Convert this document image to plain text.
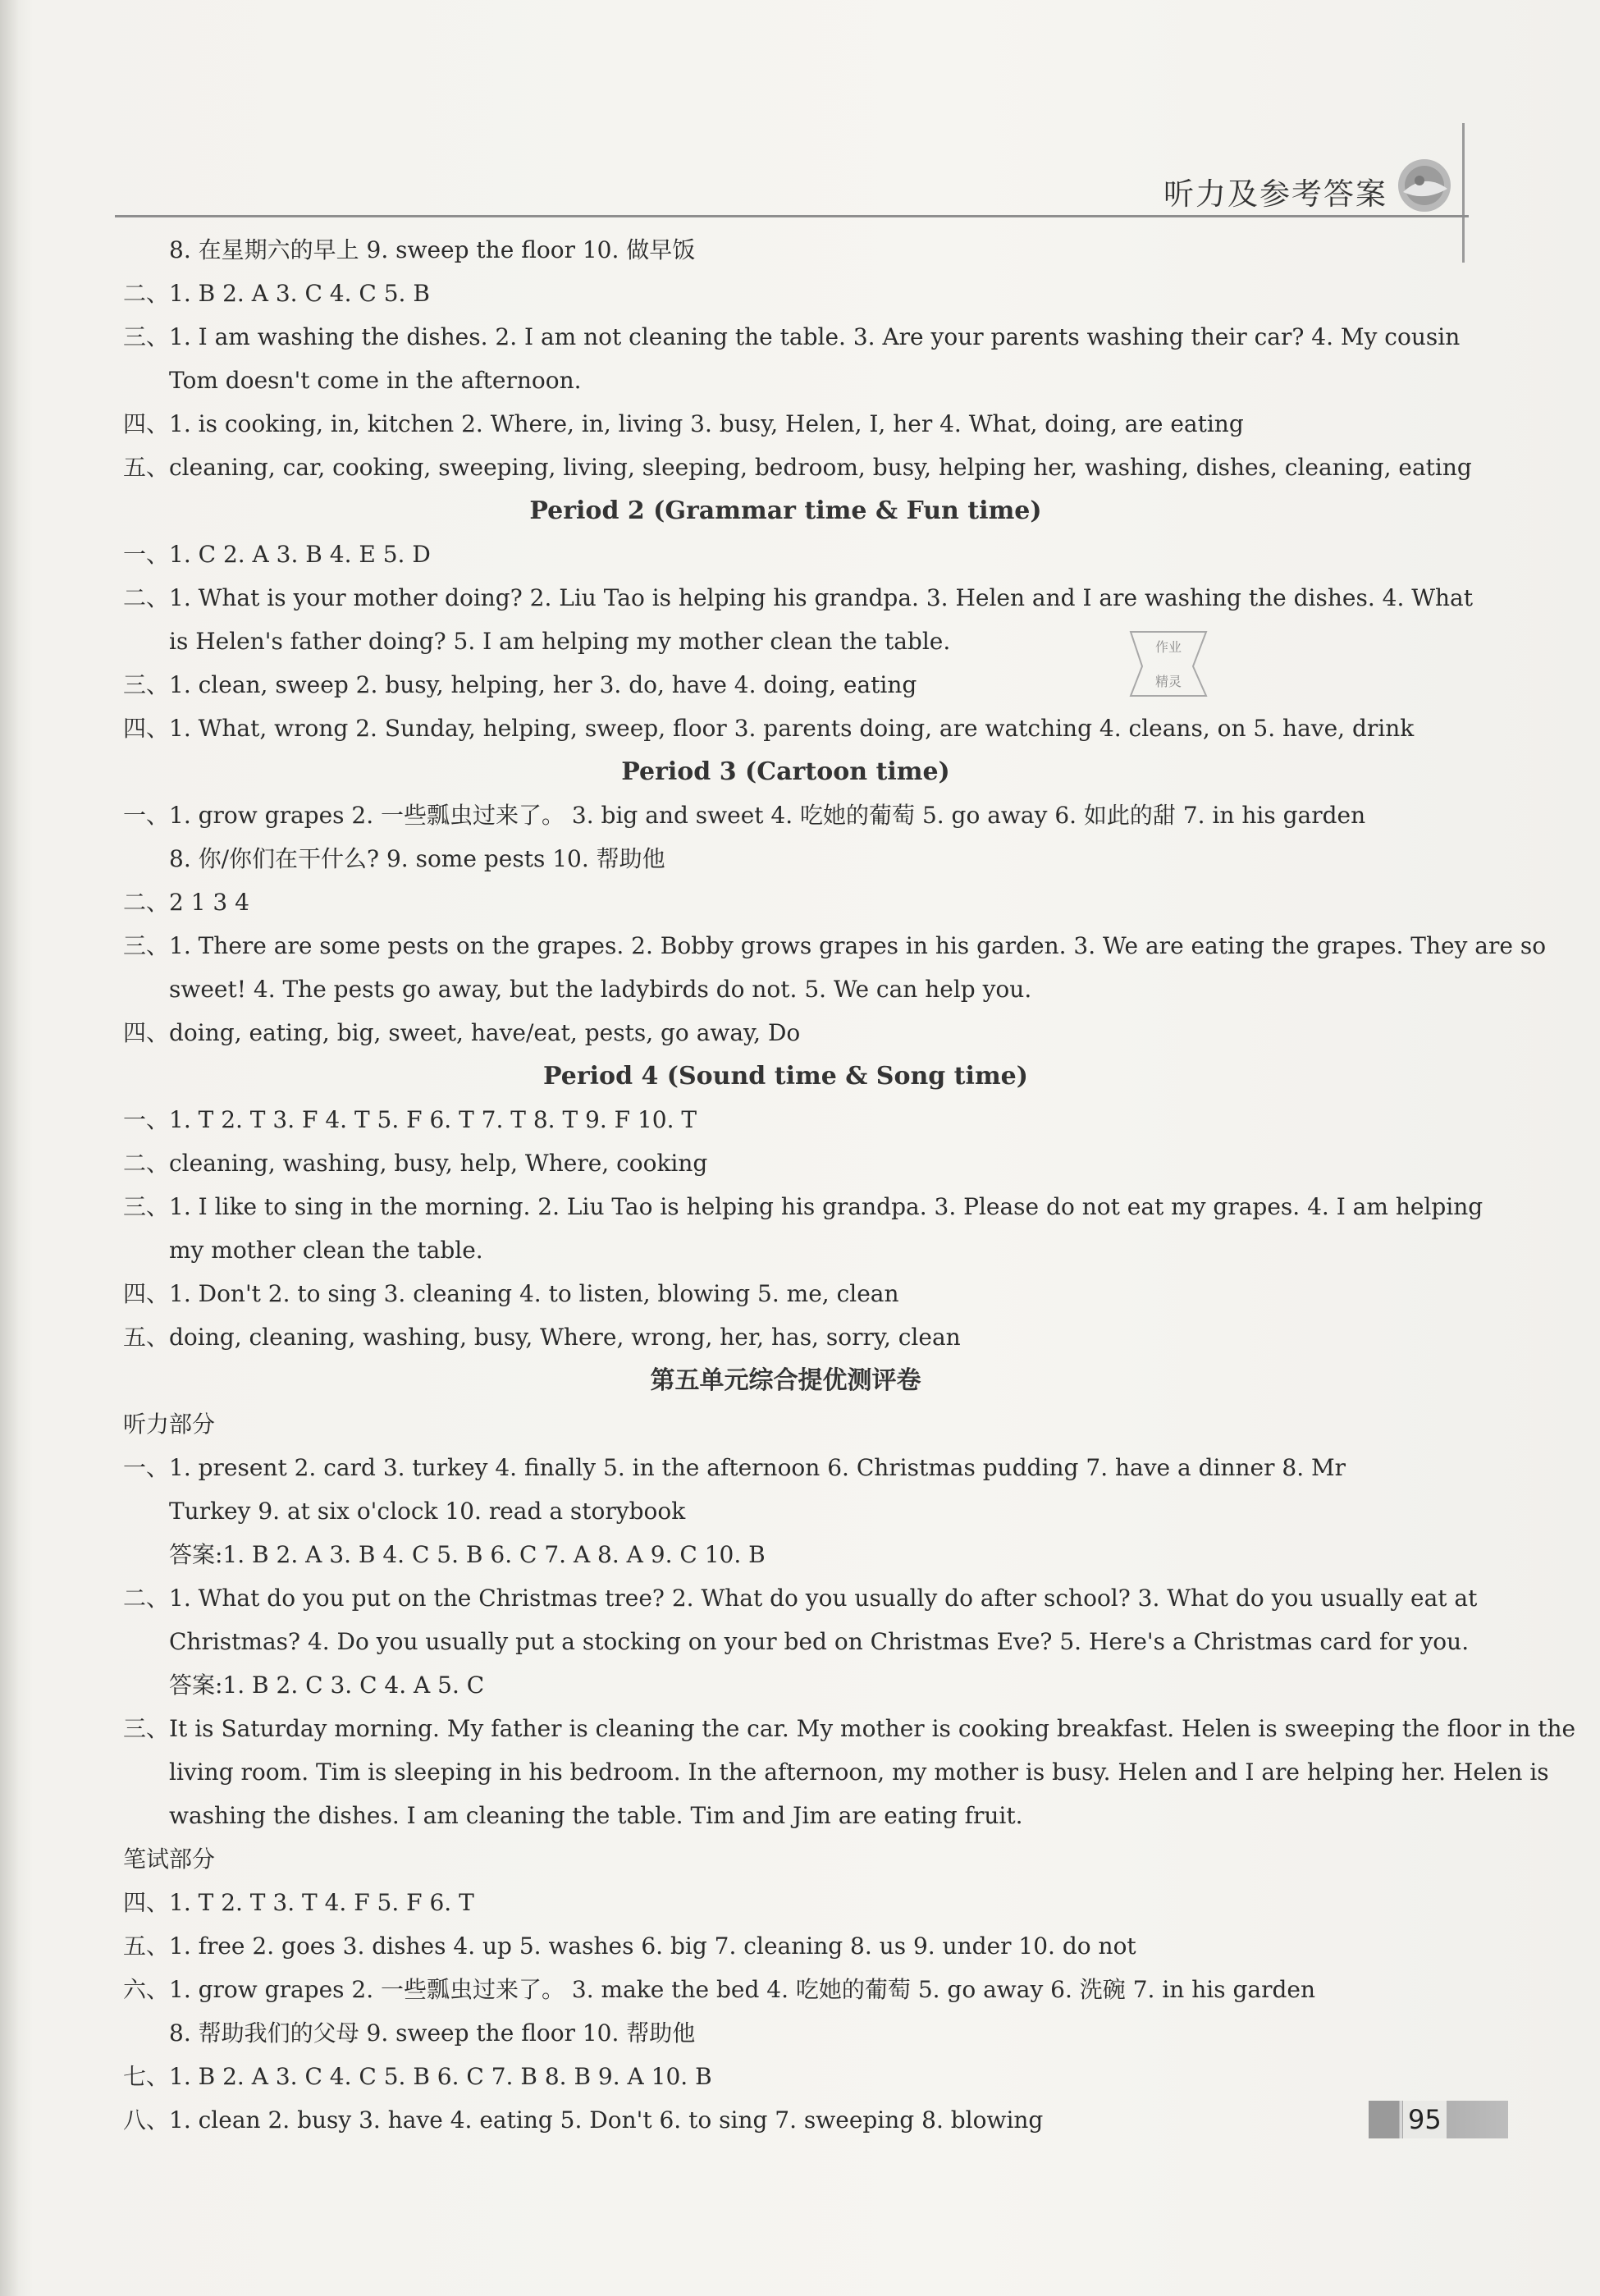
听力及参考答案
8. 在星期六的早上 9. sweep the floor 10. 做早饭
二、1. B 2. A 3. C 4. C 5. B
三、1. I am washing the dishes. 2. I am not cleaning the table. 3. Are your parents washing their car? 4. My cousin
Tom doesn't come in the afternoon.
四、1. is cooking, in, kitchen 2. Where, in, living 3. busy, Helen, I, her 4. What, doing, are eating
五、cleaning, car, cooking, sweeping, living, sleeping, bedroom, busy, helping her, washing, dishes, cleaning, eating
Period 2 (Grammar time & Fun time)
一、1. C 2. A 3. B 4. E 5. D
二、1. What is your mother doing? 2. Liu Tao is helping his grandpa. 3. Helen and I are washing the dishes. 4. What
is Helen's father doing? 5. I am helping my mother clean the table.
三、1. clean, sweep 2. busy, helping, her 3. do, have 4. doing, eating
四、1. What, wrong 2. Sunday, helping, sweep, floor 3. parents doing, are watching 4. cleans, on 5. have, drink
Period 3 (Cartoon time)
一、1. grow grapes 2. 一些瓢虫过来了。 3. big and sweet 4. 吃她的葡萄 5. go away 6. 如此的甜 7. in his garden
8. 你/你们在干什么? 9. some pests 10. 帮助他
二、2 1 3 4
三、1. There are some pests on the grapes. 2. Bobby grows grapes in his garden. 3. We are eating the grapes. They are so
sweet! 4. The pests go away, but the ladybirds do not. 5. We can help you.
四、doing, eating, big, sweet, have/eat, pests, go away, Do
Period 4 (Sound time & Song time)
一、1. T 2. T 3. F 4. T 5. F 6. T 7. T 8. T 9. F 10. T
二、cleaning, washing, busy, help, Where, cooking
三、1. I like to sing in the morning. 2. Liu Tao is helping his grandpa. 3. Please do not eat my grapes. 4. I am helping
my mother clean the table.
四、1. Don't 2. to sing 3. cleaning 4. to listen, blowing 5. me, clean
五、doing, cleaning, washing, busy, Where, wrong, her, has, sorry, clean
第五单元综合提优测评卷
听力部分
一、1. present 2. card 3. turkey 4. finally 5. in the afternoon 6. Christmas pudding 7. have a dinner 8. Mr
Turkey 9. at six o'clock 10. read a storybook
答案:1. B 2. A 3. B 4. C 5. B 6. C 7. A 8. A 9. C 10. B
二、1. What do you put on the Christmas tree? 2. What do you usually do after school? 3. What do you usually eat at
Christmas? 4. Do you usually put a stocking on your bed on Christmas Eve? 5. Here's a Christmas card for you.
答案:1. B 2. C 3. C 4. A 5. C
三、It is Saturday morning. My father is cleaning the car. My mother is cooking breakfast. Helen is sweeping the floor in the
living room. Tim is sleeping in his bedroom. In the afternoon, my mother is busy. Helen and I are helping her. Helen is
washing the dishes. I am cleaning the table. Tim and Jim are eating fruit.
笔试部分
四、1. T 2. T 3. T 4. F 5. F 6. T
五、1. free 2. goes 3. dishes 4. up 5. washes 6. big 7. cleaning 8. us 9. under 10. do not
六、1. grow grapes 2. 一些瓢虫过来了。 3. make the bed 4. 吃她的葡萄 5. go away 6. 洗碗 7. in his garden
8. 帮助我们的父母 9. sweep the floor 10. 帮助他
七、1. B 2. A 3. C 4. C 5. B 6. C 7. B 8. B 9. A 10. B
八、1. clean 2. busy 3. have 4. eating 5. Don't 6. to sing 7. sweeping 8. blowing
作业
精灵
95
